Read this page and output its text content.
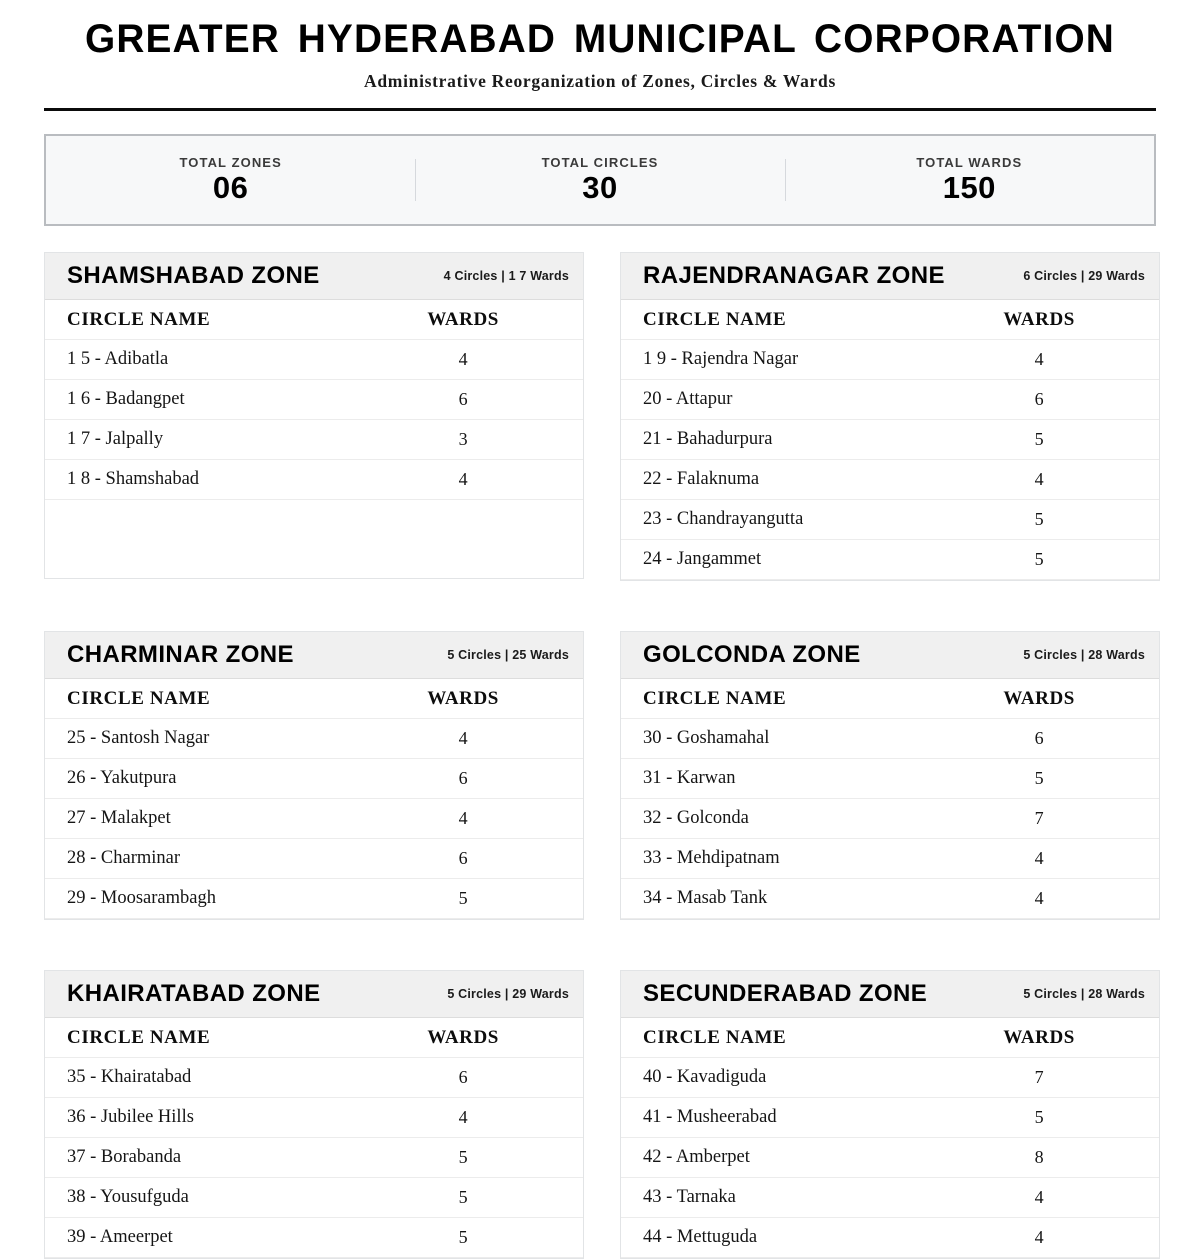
GREATER HYDERABAD MUNICIPAL CORPORATION
Administrative Reorganization of Zones, Circles & Wards
TOTAL ZONES
06
TOTAL CIRCLES
30
TOTAL WARDS
150
SHAMSHABAD ZONE	4 Circles | 1 7 Wards
CIRCLE NAME	WARDS
1 5 - Adibatla	4
1 6 - Badangpet	6
1 7 - Jalpally	3
1 8 - Shamshabad	4
RAJENDRANAGAR ZONE	6 Circles | 29 Wards
CIRCLE NAME	WARDS
1 9 - Rajendra Nagar	4
20 - Attapur	6
21 - Bahadurpura	5
22 - Falaknuma	4
23 - Chandrayangutta	5
24 - Jangammet	5
CHARMINAR ZONE	5 Circles | 25 Wards
CIRCLE NAME	WARDS
25 - Santosh Nagar	4
26 - Yakutpura	6
27 - Malakpet	4
28 - Charminar	6
29 - Moosarambagh	5
GOLCONDA ZONE	5 Circles | 28 Wards
CIRCLE NAME	WARDS
30 - Goshamahal	6
31 - Karwan	5
32 - Golconda	7
33 - Mehdipatnam	4
34 - Masab Tank	4
KHAIRATABAD ZONE	5 Circles | 29 Wards
CIRCLE NAME	WARDS
35 - Khairatabad	6
36 - Jubilee Hills	4
37 - Borabanda	5
38 - Yousufguda	5
39 - Ameerpet	5
SECUNDERABAD ZONE	5 Circles | 28 Wards
CIRCLE NAME	WARDS
40 - Kavadiguda	7
41 - Musheerabad	5
42 - Amberpet	8
43 - Tarnaka	4
44 - Mettuguda	4
